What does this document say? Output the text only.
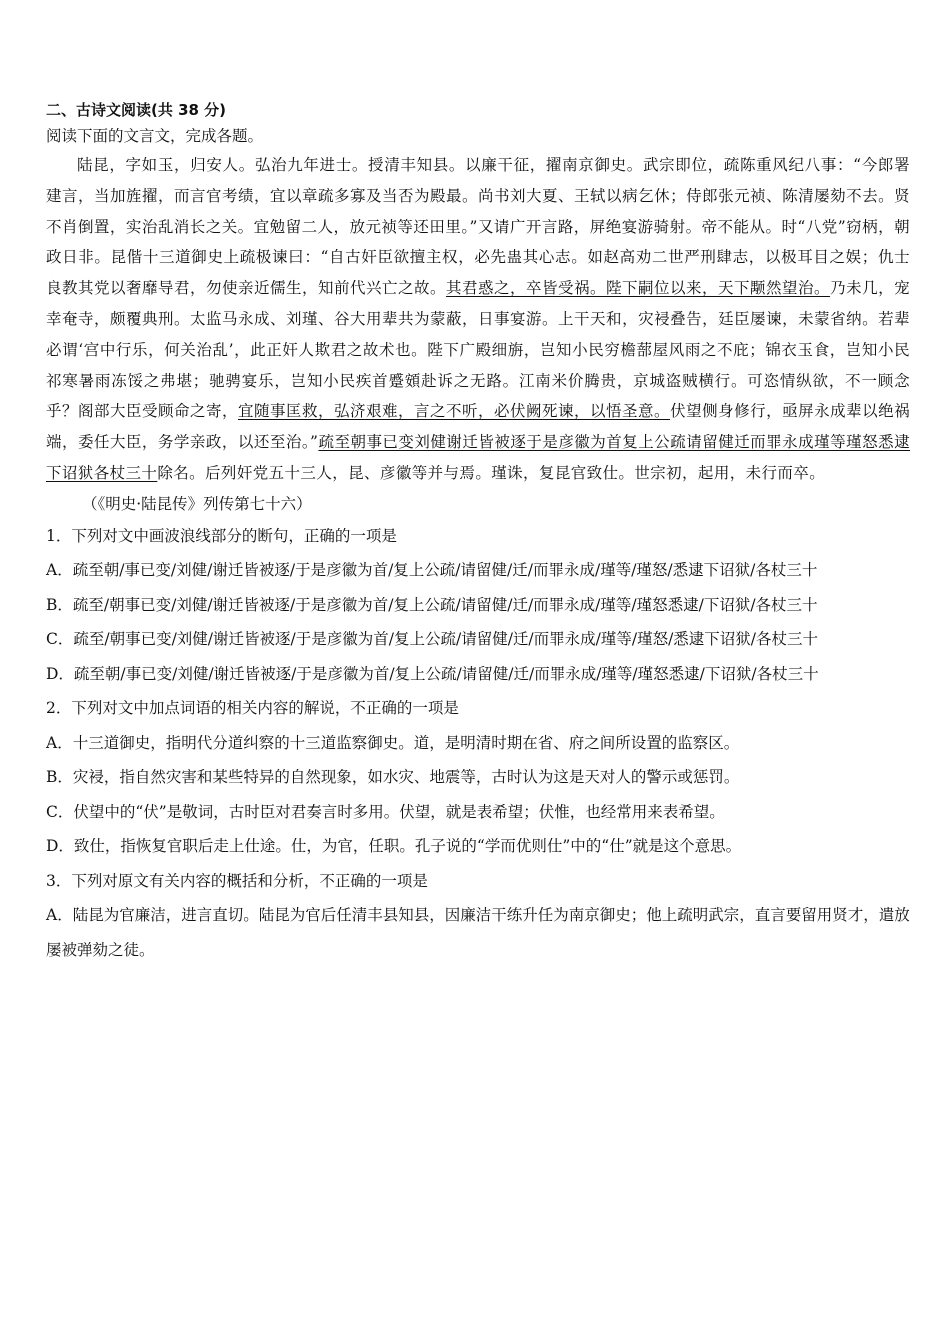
二、古诗文阅读(共 38 分)
阅读下面的文言文，完成各题。
陆昆，字如玉，归安人。弘治九年进士。授清丰知县。以廉干征，擢南京御史。武宗即位，疏陈重风纪八事：“今郎署建言，当加旌擢，而言官考绩，宜以章疏多寡及当否为殿最。尚书刘大夏、王轼以病乞休；侍郎张元祯、陈清屡劾不去。贤不肖倒置，实治乱消长之关。宜勉留二人，放元祯等还田里。”又请广开言路，屏绝宴游骑射。帝不能从。时“八党”窃柄，朝政日非。昆偕十三道御史上疏极谏曰：“自古奸臣欲擅主权，必先蛊其心志。如赵高劝二世严刑肆志，以极耳目之娱；仇士良教其党以奢靡导君，勿使亲近儒生，知前代兴亡之故。其君惑之，卒皆受祸。陛下嗣位以来，天下颙然望治。乃未几，宠幸奄寺，颇覆典刑。太监马永成、刘瑾、谷大用辈共为蒙蔽，日事宴游。上干天和，灾祲叠告，廷臣屡谏，未蒙省纳。若辈必谓‘宫中行乐，何关治乱’，此正奸人欺君之故术也。陛下广殿细旃，岂知小民穷檐蔀屋风雨之不庇；锦衣玉食，岂知小民祁寒暑雨冻馁之弗堪；驰骋宴乐，岂知小民疾首蹙頞赴诉之无路。江南米价腾贵，京城盗贼横行。可恣情纵欲，不一顾念乎？阁部大臣受顾命之寄，宜随事匡救，弘济艰难，言之不听，必伏阙死谏，以悟圣意。伏望侧身修行，亟屏永成辈以绝祸端，委任大臣，务学亲政，以还至治。”疏至朝事已变刘健谢迁皆被逐于是彦徽为首复上公疏请留健迁而罪永成瑾等瑾怒悉逮下诏狱各杖三十除名。后列奸党五十三人，昆、彦徽等并与焉。瑾诛，复昆官致仕。世宗初，起用，未行而卒。
（《明史·陆昆传》列传第七十六）
1．下列对文中画波浪线部分的断句，正确的一项是
A．疏至朝/事已变/刘健/谢迁皆被逐/于是彦徽为首/复上公疏/请留健/迁/而罪永成/瑾等/瑾怒/悉逮下诏狱/各杖三十
B．疏至/朝事已变/刘健/谢迁皆被逐/于是彦徽为首/复上公疏/请留健/迁/而罪永成/瑾等/瑾怒悉逮/下诏狱/各杖三十
C．疏至/朝事已变/刘健/谢迁皆被逐/于是彦徽为首/复上公疏/请留健/迁/而罪永成/瑾等/瑾怒/悉逮下诏狱/各杖三十
D．疏至朝/事已变/刘健/谢迁皆被逐/于是彦徽为首/复上公疏/请留健/迁/而罪永成/瑾等/瑾怒悉逮/下诏狱/各杖三十
2．下列对文中加点词语的相关内容的解说，不正确的一项是
A．十三道御史，指明代分道纠察的十三道监察御史。道，是明清时期在省、府之间所设置的监察区。
B．灾祲，指自然灾害和某些特异的自然现象，如水灾、地震等，古时认为这是天对人的警示或惩罚。
C．伏望中的“伏”是敬词，古时臣对君奏言时多用。伏望，就是表希望；伏惟，也经常用来表希望。
D．致仕，指恢复官职后走上仕途。仕，为官，任职。孔子说的“学而优则仕”中的“仕”就是这个意思。
3．下列对原文有关内容的概括和分析，不正确的一项是
A．陆昆为官廉洁，进言直切。陆昆为官后任清丰县知县，因廉洁干练升任为南京御史；他上疏明武宗，直言要留用贤才，遣放屡被弹劾之徒。
